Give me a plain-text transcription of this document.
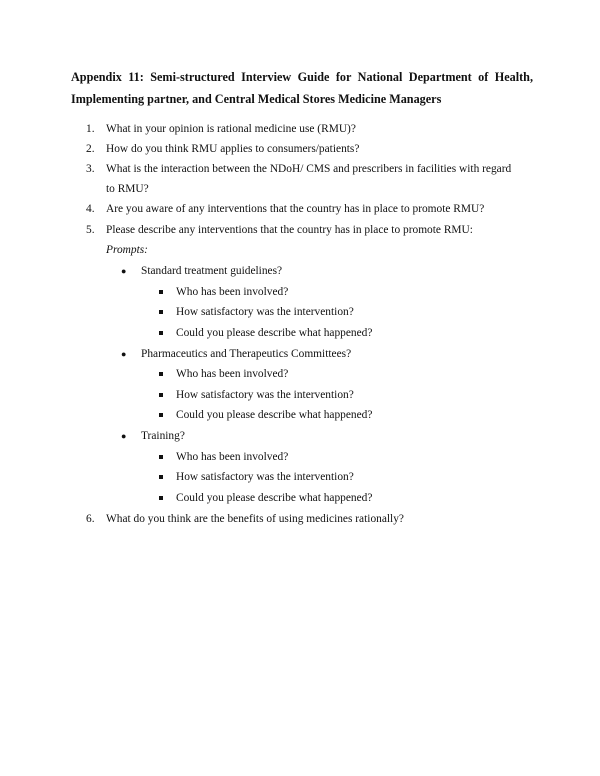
Appendix 11: Semi-structured Interview Guide for National Department of Health,
Implementing partner, and Central Medical Stores Medicine Managers
1.	What in your opinion is rational medicine use (RMU)?
2.	How do you think RMU applies to consumers/patients?
3.	What is the interaction between the NDoH/ CMS and prescribers in facilities with regard
to RMU?
4.	Are you aware of any interventions that the country has in place to promote RMU?
5.	Please describe any interventions that the country has in place to promote RMU:
Prompts:
● Standard treatment guidelines?
Who has been involved?
How satisfactory was the intervention?
Could you please describe what happened?
● Pharmaceutics and Therapeutics Committees?
Who has been involved?
How satisfactory was the intervention?
Could you please describe what happened?
● Training?
Who has been involved?
How satisfactory was the intervention?
Could you please describe what happened?
6.	What do you think are the benefits of using medicines rationally?
